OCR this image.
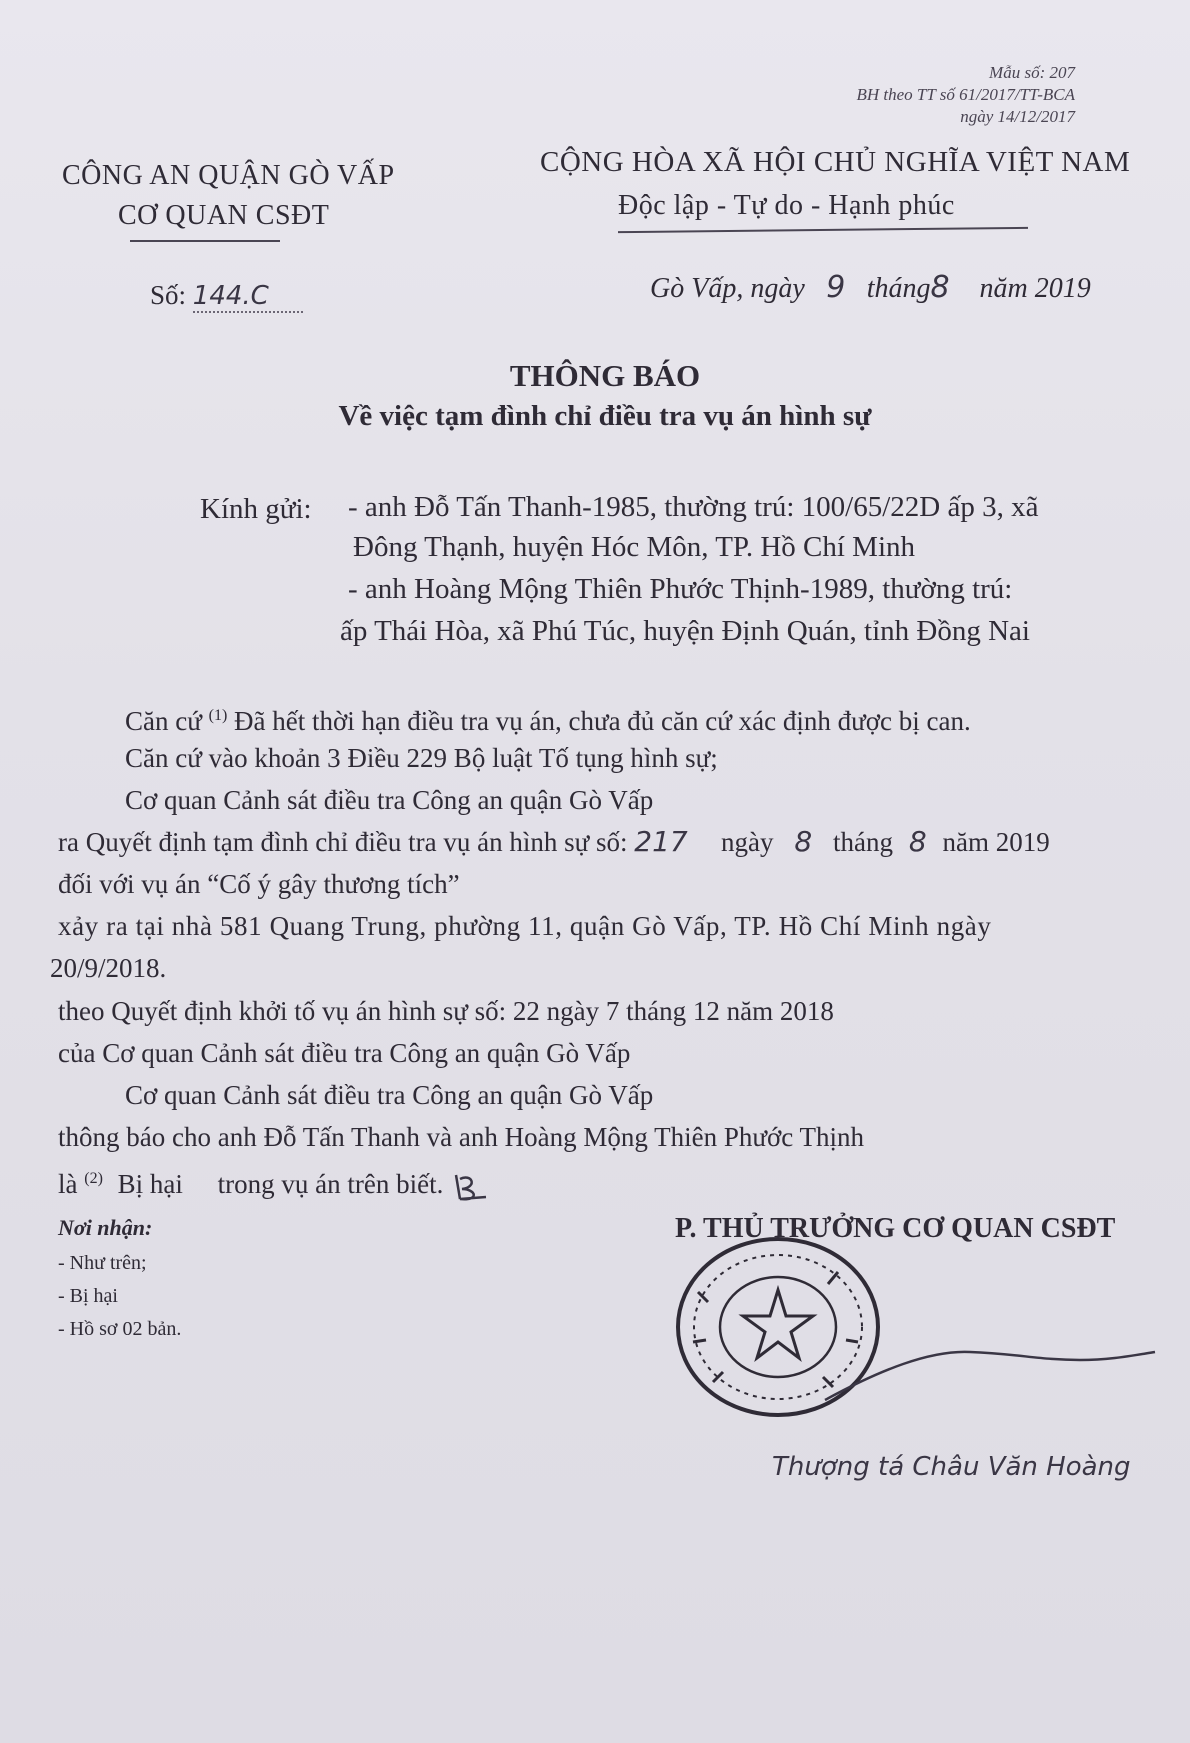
Mẫu số: 207
BH theo TT số 61/2017/TT-BCA
ngày 14/12/2017
CÔNG AN QUẬN GÒ VẤP
CƠ QUAN CSĐT
CỘNG HÒA XÃ HỘI CHỦ NGHĨA VIỆT NAM
Độc lập - Tự do - Hạnh phúc
Số: 144.C	Gò Vấp, ngày 9 tháng8 năm 2019
THÔNG BÁO
Về việc tạm đình chỉ điều tra vụ án hình sự
Kính gửi: - anh Đỗ Tấn Thanh-1985, thường trú: 100/65/22D ấp 3, xã
Đông Thạnh, huyện Hóc Môn, TP. Hồ Chí Minh
- anh Hoàng Mộng Thiên Phước Thịnh-1989, thường trú:
ấp Thái Hòa, xã Phú Túc, huyện Định Quán, tỉnh Đồng Nai
Căn cứ $^{(1)}$ Đã hết thời hạn điều tra vụ án, chưa đủ căn cứ xác định được bị can.
Căn cứ vào khoản 3 Điều 229 Bộ luật Tố tụng hình sự;
Cơ quan Cảnh sát điều tra Công an quận Gò Vấp
ra Quyết định tạm đình chỉ điều tra vụ án hình sự số: 217 ngày 8 tháng 8 năm 2019
đối với vụ án “Cố ý gây thương tích”
xảy ra tại nhà 581 Quang Trung, phường 11, quận Gò Vấp, TP. Hồ Chí Minh ngày
20/9/2018.
theo Quyết định khởi tố vụ án hình sự số: 22 ngày 7 tháng 12 năm 2018
của Cơ quan Cảnh sát điều tra Công an quận Gò Vấp
Cơ quan Cảnh sát điều tra Công an quận Gò Vấp
thông báo cho anh Đỗ Tấn Thanh và anh Hoàng Mộng Thiên Phước Thịnh
là $^{(2)}$ Bị hại trong vụ án trên biết.
Nơi nhận:
- Như trên;
- Bị hại
- Hồ sơ 02 bản.
P. THỦ TRƯỞNG CƠ QUAN CSĐT
Thượng tá Châu Văn Hoàng
